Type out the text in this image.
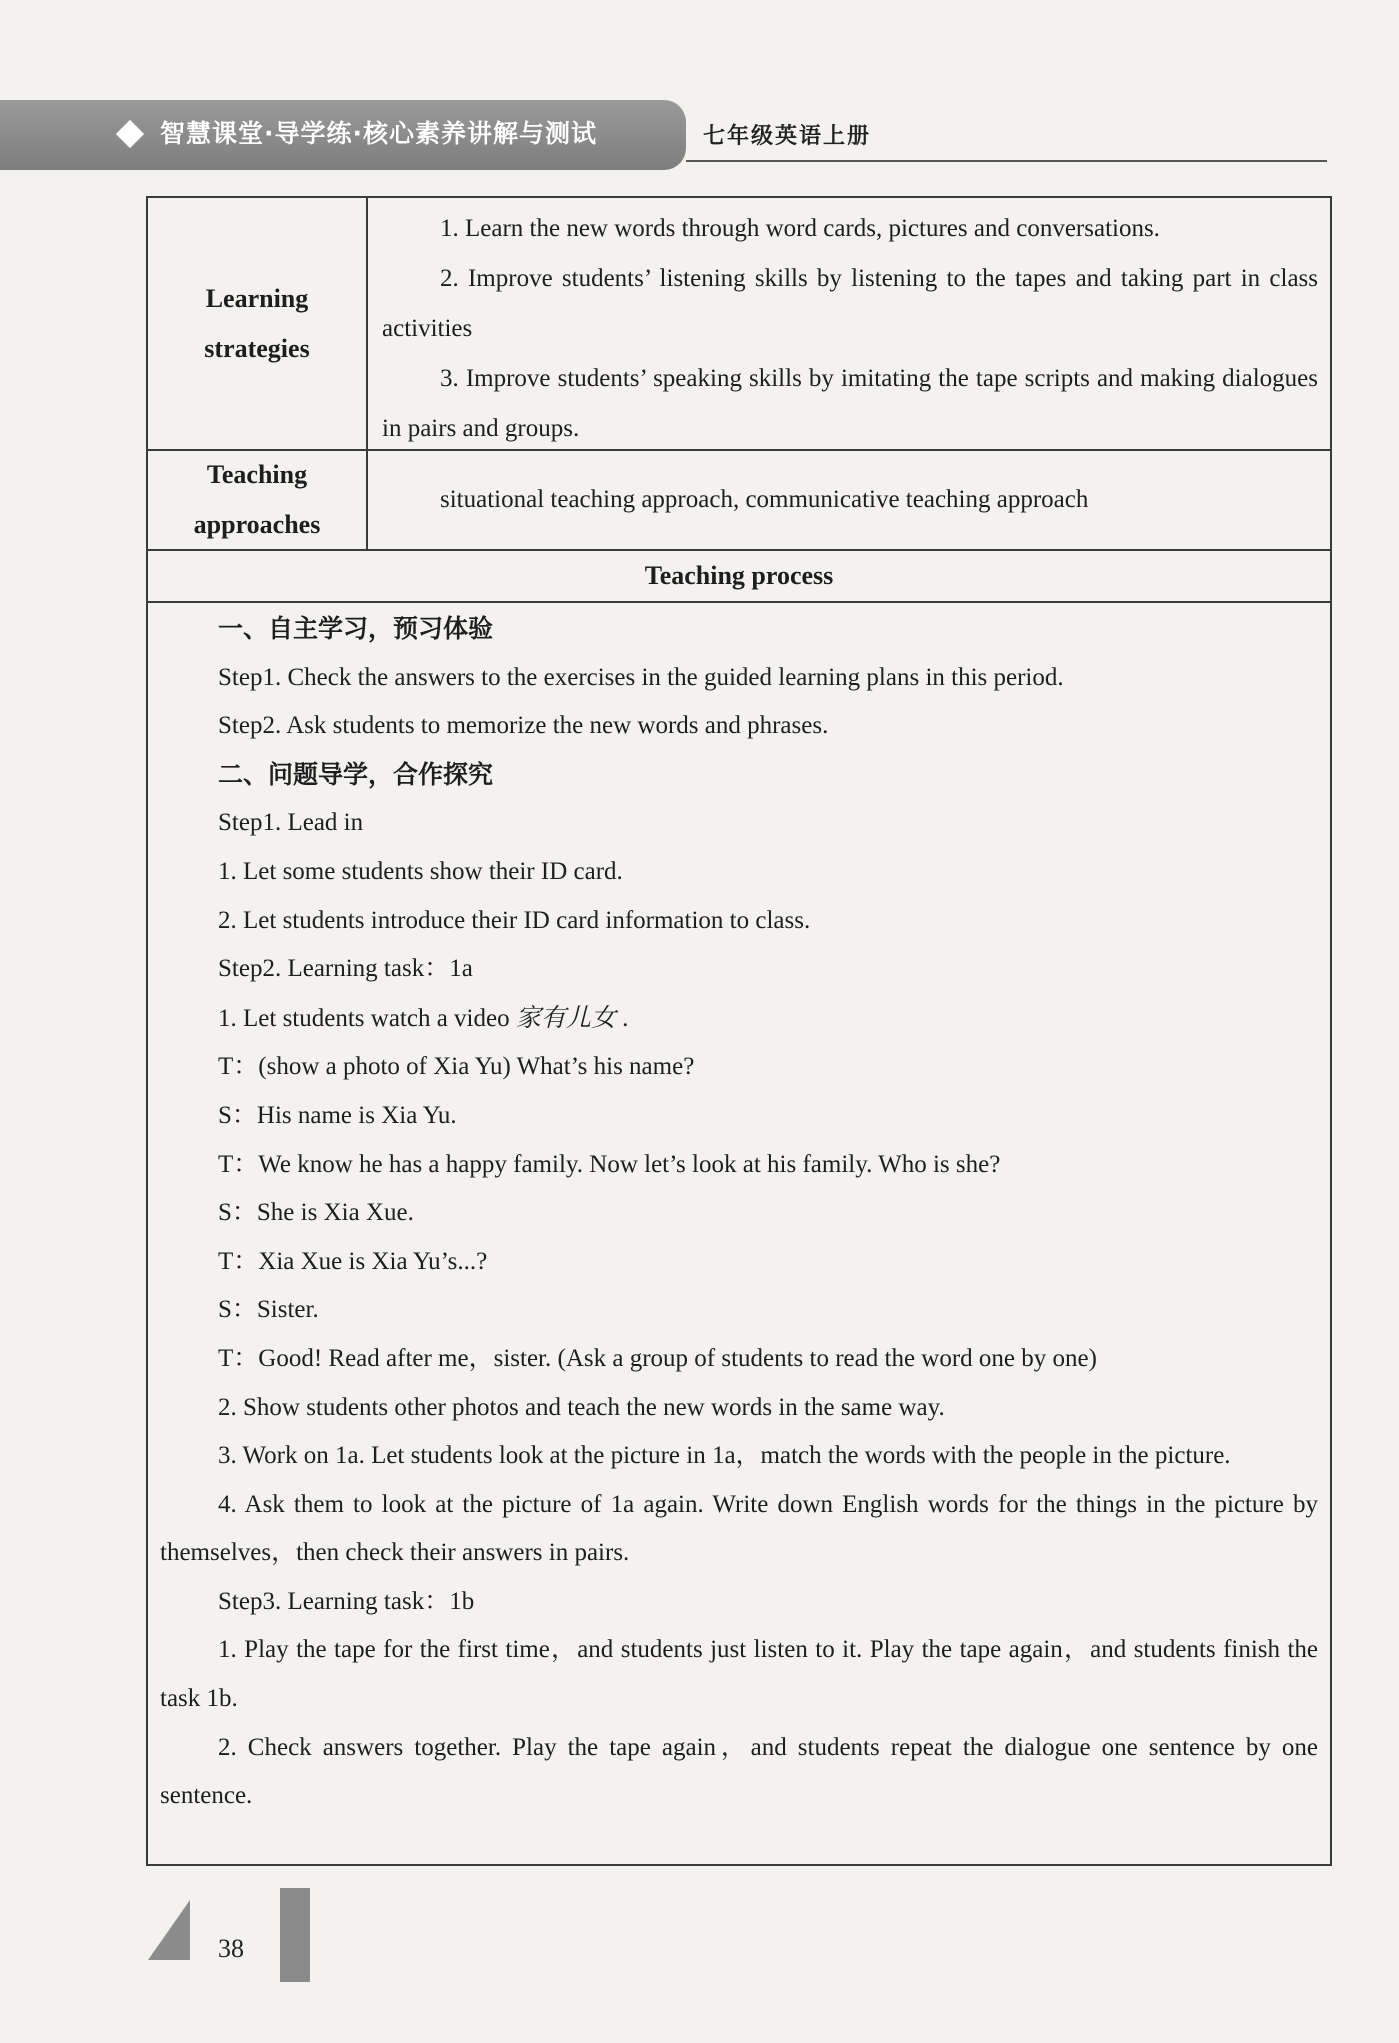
智慧课堂·导学练·核心素养讲解与测试	七年级英语上册
Learning
strategies

1. Learn the new words through word cards, pictures and conversations.

2. Improve students’ listening skills by listening to the tapes and taking part in class activities

3. Improve students’ speaking skills by imitating the tape scripts and making dialogues in pairs and groups.

Teaching
approaches
situational teaching approach, communicative teaching approach
Teaching process

一、自主学习，预习体验

Step1. Check the answers to the exercises in the guided learning plans in this period.

Step2. Ask students to memorize the new words and phrases.

二、问题导学，合作探究

Step1. Lead in

1. Let some students show their ID card.

2. Let students introduce their ID card information to class.

Step2. Learning task：1a

1. Let students watch a video 家有儿女 .

T：(show a photo of Xia Yu) What’s his name?

S：His name is Xia Yu.

T：We know he has a happy family. Now let’s look at his family. Who is she?

S：She is Xia Xue.

T：Xia Xue is Xia Yu’s...?

S：Sister.

T：Good! Read after me，sister. (Ask a group of students to read the word one by one)

2. Show students other photos and teach the new words in the same way.

3. Work on 1a. Let students look at the picture in 1a，match the words with the people in the picture.

4. Ask them to look at the picture of 1a again. Write down English words for the things in the picture by themselves，then check their answers in pairs.

Step3. Learning task：1b

1. Play the tape for the first time，and students just listen to it. Play the tape again，and students finish the task 1b.

2. Check answers together. Play the tape again，and students repeat the dialogue one sentence by one sentence.

38
